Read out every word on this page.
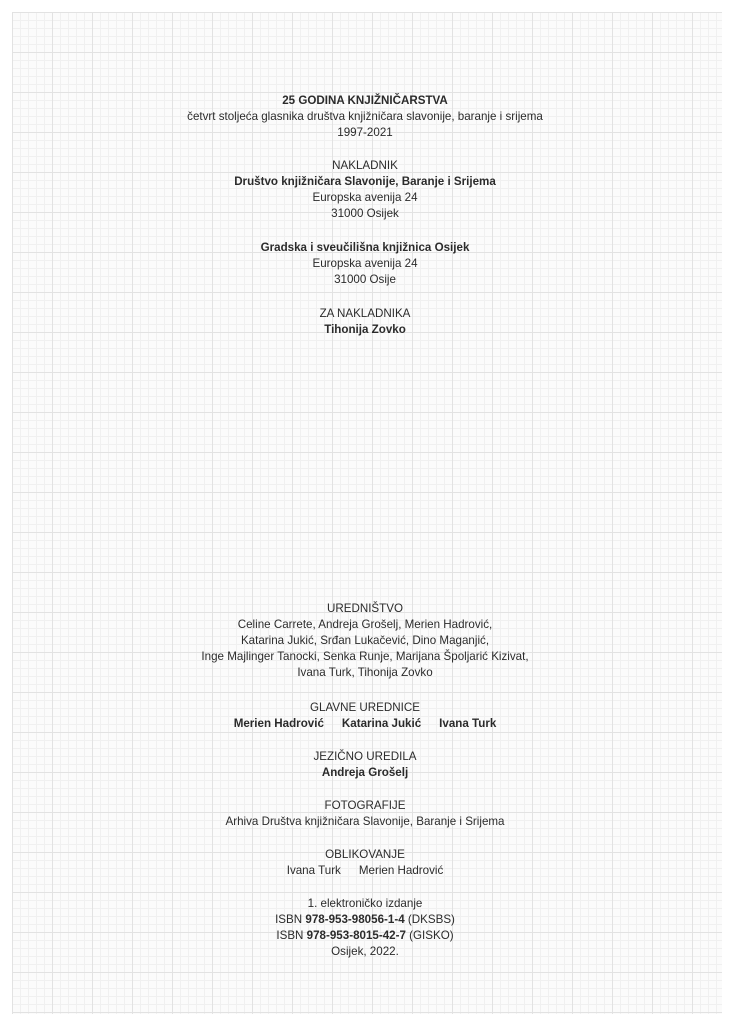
25 GODINA KNJIŽNIČARSTVA
četvrt stoljeća glasnika društva knjižničara slavonije, baranje i srijema
1997-2021
NAKLADNIK
Društvo knjižničara Slavonije, Baranje i Srijema
Europska avenija 24
31000 Osijek
Gradska i sveučilišna knjižnica Osijek
Europska avenija 24
31000 Osije
ZA NAKLADNIKA
Tihonija Zovko
UREDNIŠTVO
Celine Carrete, Andreja Grošelj, Merien Hadrović,
Katarina Jukić, Srđan Lukačević, Dino Maganjić,
Inge Majlinger Tanocki, Senka Runje, Marijana Špoljarić Kizivat,
Ivana Turk, Tihonija Zovko
GLAVNE UREDNICE
Merien Hadrović Katarina Jukić Ivana Turk
JEZIČNO UREDILA
Andreja Grošelj
FOTOGRAFIJE
Arhiva Društva knjižničara Slavonije, Baranje i Srijema
OBLIKOVANJE
Ivana Turk Merien Hadrović
1. elektroničko izdanje
ISBN 978-953-98056-1-4 (DKSBS)
ISBN 978-953-8015-42-7 (GISKO)
Osijek, 2022.
